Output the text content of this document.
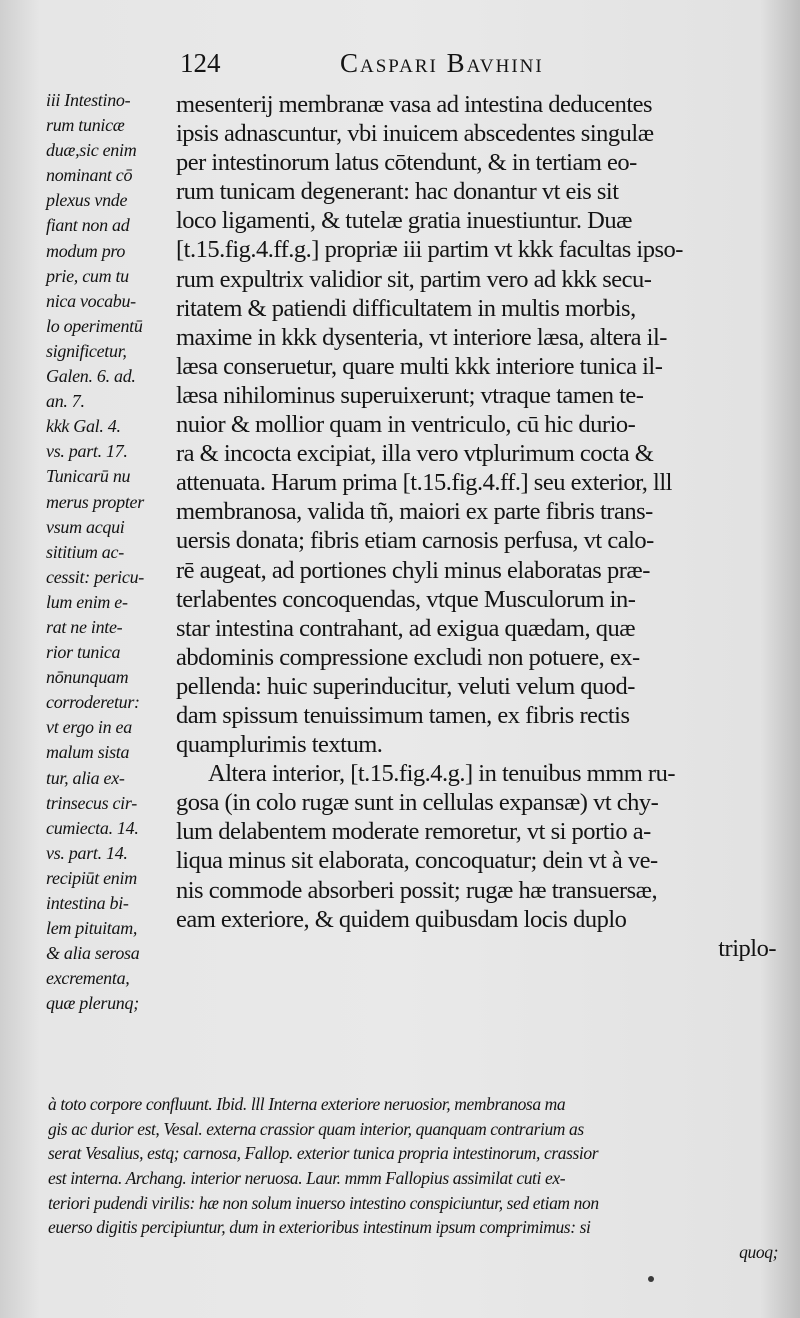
124	Caspari Bavhini
iii Intestino-
rum tunicæ
duæ,sic enim
nominant cō
plexus vnde
fiant non ad
modum pro
prie, cum tu
nica vocabu-
lo operimentū
significetur,
Galen. 6. ad.
an. 7.
kkk Gal. 4.
vs. part. 17.
Tunicarū nu
merus propter
vsum acqui
sititium ac-
cessit: pericu-
lum enim e-
rat ne inte-
rior tunica
nōnunquam
corroderetur:
vt ergo in ea
malum sista
tur, alia ex-
trinsecus cir-
cumiecta. 14.
vs. part. 14.
recipiūt enim
intestina bi-
lem pituitam,
& alia serosa
excrementa,
quæ plerunq;
mesenterij membranæ vasa ad intestina deducentes
ipsis adnascuntur, vbi inuicem abscedentes singulæ
per intestinorum latus cōtendunt, & in tertiam eo-
rum tunicam degenerant: hac donantur vt eis sit
loco ligamenti, & tutelæ gratia inuestiuntur. Duæ
[t.15.fig.4.ff.g.] propriæ iii partim vt kkk facultas ipso-
rum expultrix validior sit, partim vero ad kkk secu-
ritatem & patiendi difficultatem in multis morbis,
maxime in kkk dysenteria, vt interiore læsa, altera il-
læsa conseruetur, quare multi kkk interiore tunica il-
læsa nihilominus superuixerunt; vtraque tamen te-
nuior & mollior quam in ventriculo, cū hic durio-
ra & incocta excipiat, illa vero vtplurimum cocta &
attenuata. Harum prima [t.15.fig.4.ff.] seu exterior, lll
membranosa, valida tñ, maiori ex parte fibris trans-
uersis donata; fibris etiam carnosis perfusa, vt calo-
rē augeat, ad portiones chyli minus elaboratas præ-
terlabentes concoquendas, vtque Musculorum in-
star intestina contrahant, ad exigua quædam, quæ
abdominis compressione excludi non potuere, ex-
pellenda: huic superinducitur, veluti velum quod-
dam spissum tenuissimum tamen, ex fibris rectis
quamplurimis textum.
Altera interior, [t.15.fig.4.g.] in tenuibus mmm ru-
gosa (in colo rugæ sunt in cellulas expansæ) vt chy-
lum delabentem moderate remoretur, vt si portio a-
liqua minus sit elaborata, concoquatur; dein vt à ve-
nis commode absorberi possit; rugæ hæ transuersæ,
eam exteriore, & quidem quibusdam locis duplo
triplo-
à toto corpore confluunt. Ibid. lll Interna exteriore neruosior, membranosa ma
gis ac durior est, Vesal. externa crassior quam interior, quanquam contrarium as
serat Vesalius, estq; carnosa, Fallop. exterior tunica propria intestinorum, crassior
est interna. Archang. interior neruosa. Laur. mmm Fallopius assimilat cuti ex-
teriori pudendi virilis: hæ non solum inuerso intestino conspiciuntur, sed etiam non
euerso digitis percipiuntur, dum in exterioribus intestinum ipsum comprimimus: si
quoq;
